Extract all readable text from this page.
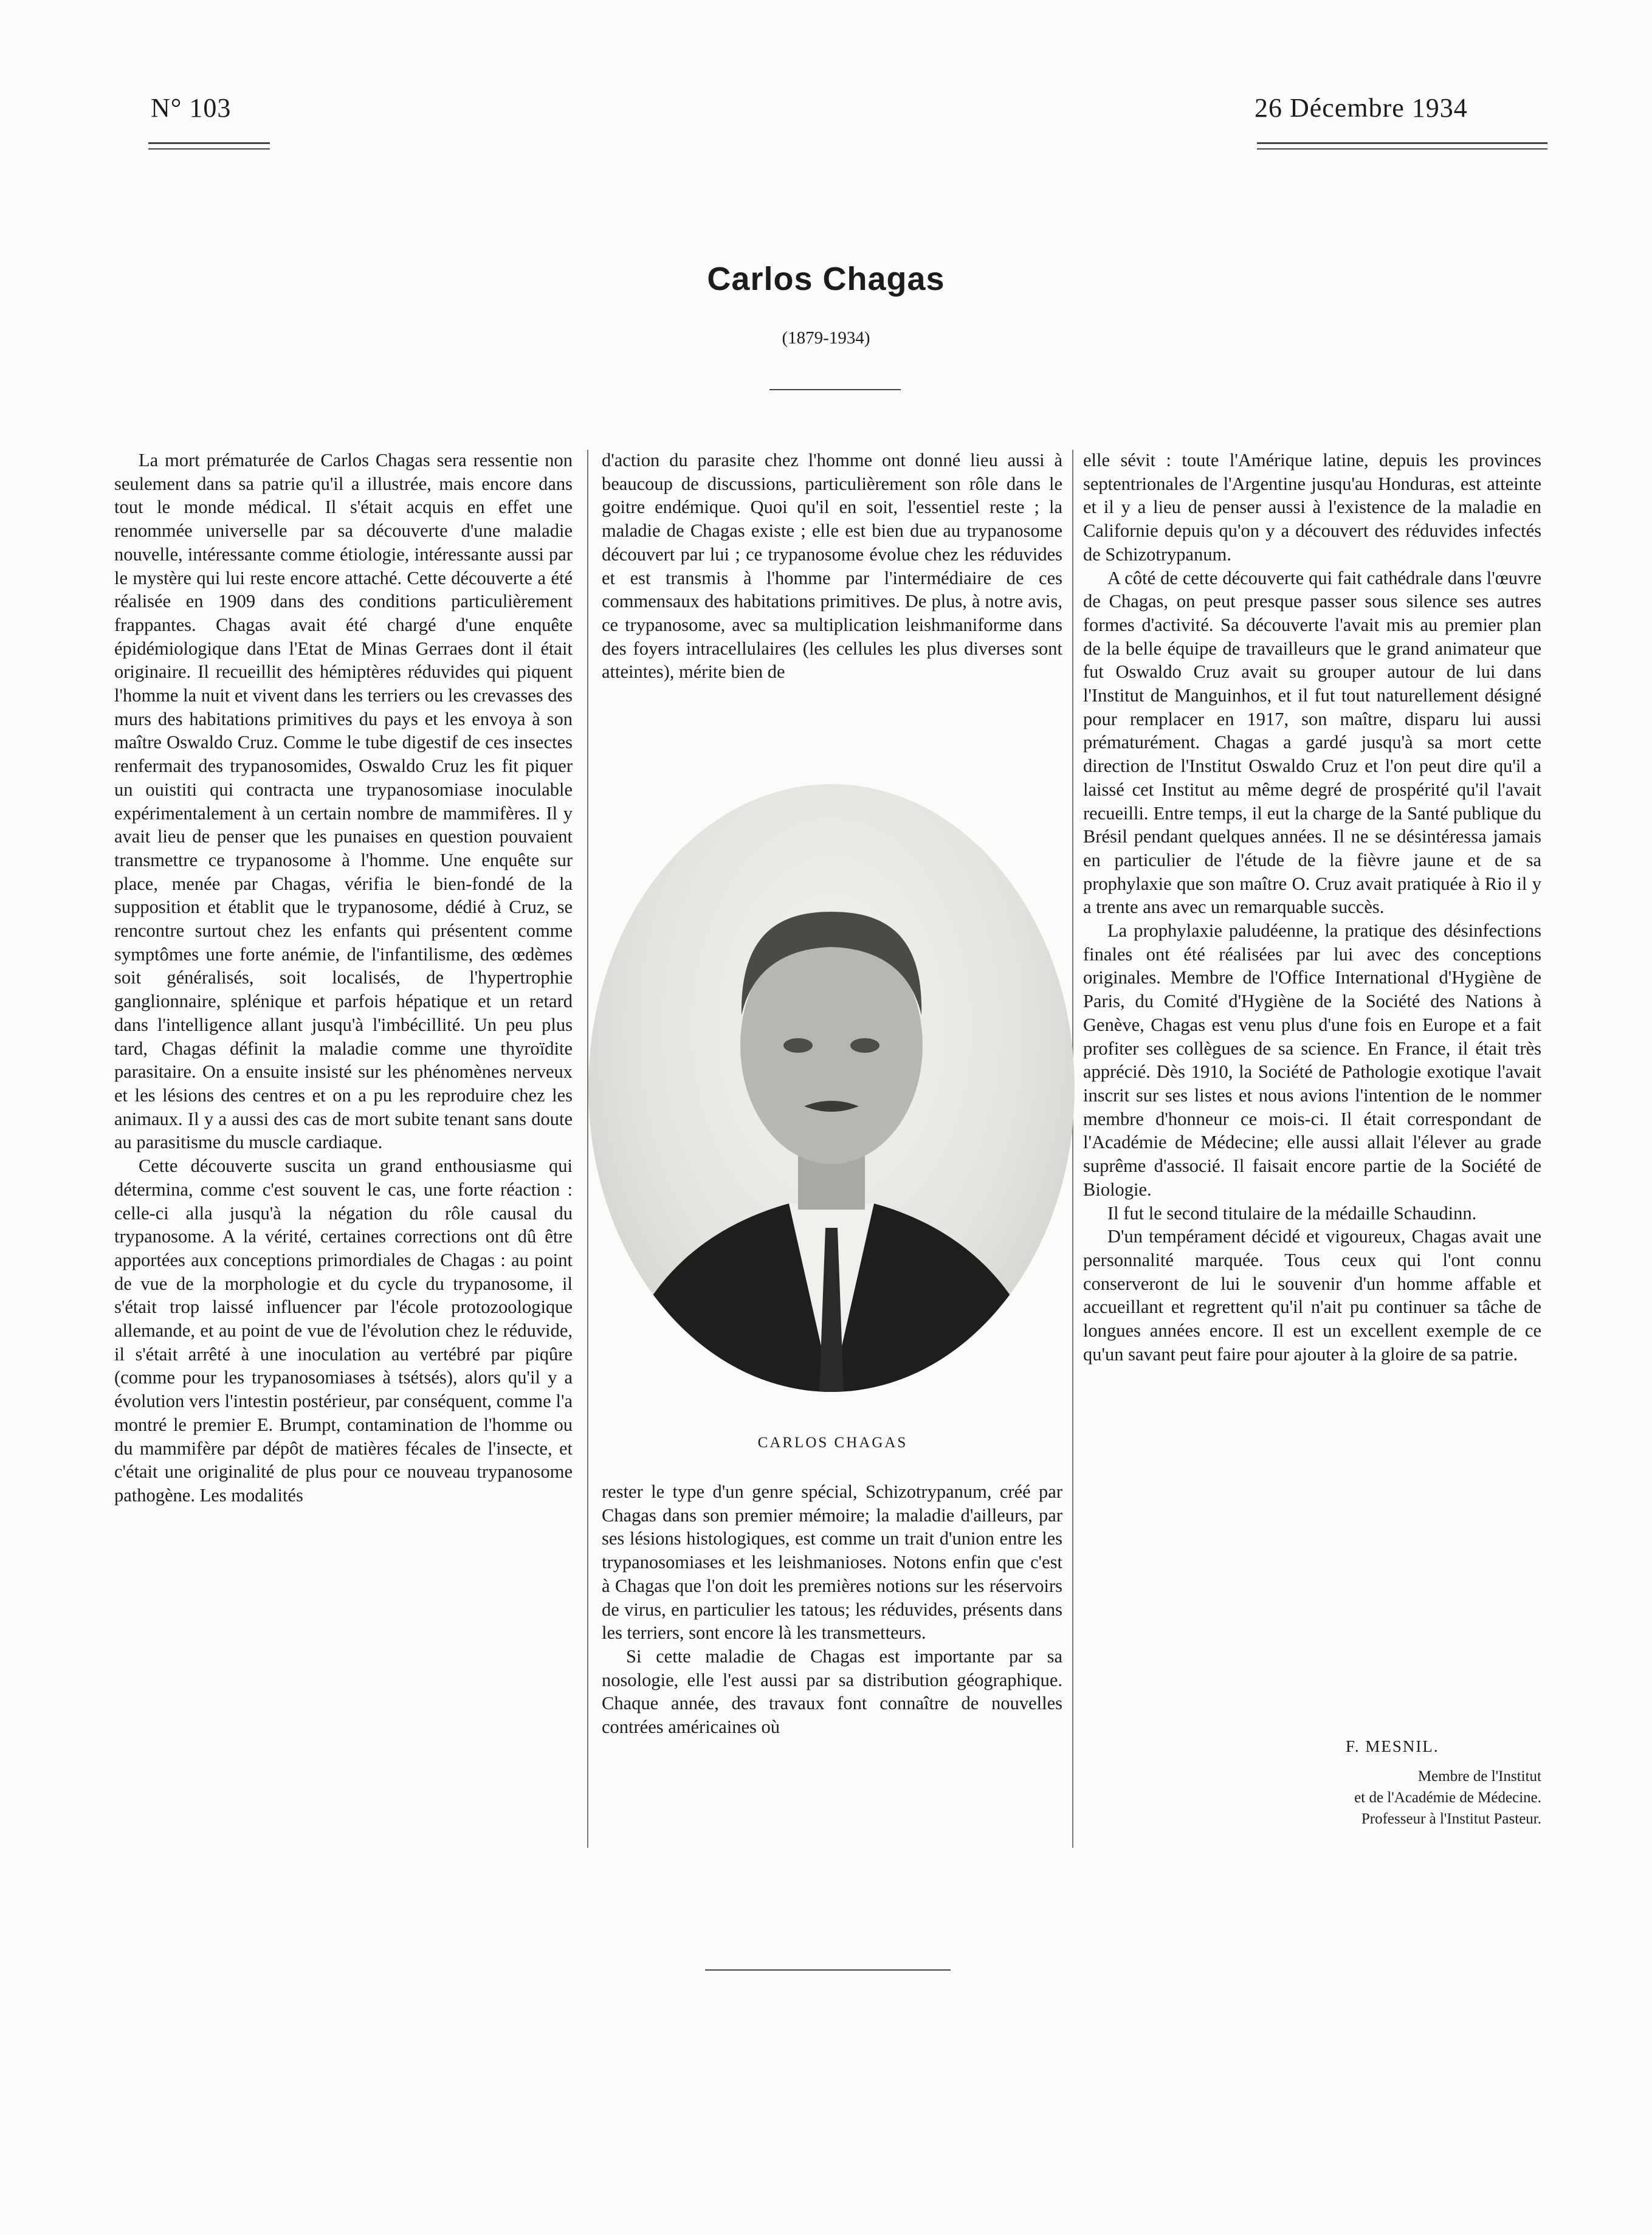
N° 103	26 Décembre 1934
Carlos Chagas
(1879-1934)

La mort prématurée de Carlos Chagas sera ressentie non seulement dans sa patrie qu'il a illustrée, mais encore dans tout le monde médical. Il s'était acquis en effet une renommée universelle par sa découverte d'une maladie nouvelle, intéressante comme étiologie, intéressante aussi par le mystère qui lui reste encore attaché. Cette découverte a été réalisée en 1909 dans des conditions particulièrement frappantes. Chagas avait été chargé d'une enquête épidémiologique dans l'Etat de Minas Gerraes dont il était originaire. Il recueillit des hémiptères réduvides qui piquent l'homme la nuit et vivent dans les terriers ou les crevasses des murs des habitations primitives du pays et les envoya à son maître Oswaldo Cruz. Comme le tube digestif de ces insectes renfermait des trypanosomides, Oswaldo Cruz les fit piquer un ouistiti qui contracta une trypanosomiase inoculable expérimentalement à un certain nombre de mammifères. Il y avait lieu de penser que les punaises en question pouvaient transmettre ce trypanosome à l'homme. Une enquête sur place, menée par Chagas, vérifia le bien-fondé de la supposition et établit que le trypanosome, dédié à Cruz, se rencontre surtout chez les enfants qui présentent comme symptômes une forte anémie, de l'infantilisme, des œdèmes soit généralisés, soit localisés, de l'hypertrophie ganglionnaire, splénique et parfois hépatique et un retard dans l'intelligence allant jusqu'à l'imbécillité. Un peu plus tard, Chagas définit la maladie comme une thyroïdite parasitaire. On a ensuite insisté sur les phénomènes nerveux et les lésions des centres et on a pu les reproduire chez les animaux. Il y a aussi des cas de mort subite tenant sans doute au parasitisme du muscle cardiaque.

Cette découverte suscita un grand enthousiasme qui détermina, comme c'est souvent le cas, une forte réaction : celle-ci alla jusqu'à la négation du rôle causal du trypanosome. A la vérité, certaines corrections ont dû être apportées aux conceptions primordiales de Chagas : au point de vue de la morphologie et du cycle du trypanosome, il s'était trop laissé influencer par l'école protozoologique allemande, et au point de vue de l'évolution chez le réduvide, il s'était arrêté à une inoculation au vertébré par piqûre (comme pour les trypanosomiases à tsétsés), alors qu'il y a évolution vers l'intestin postérieur, par conséquent, comme l'a montré le premier E. Brumpt, contamination de l'homme ou du mammifère par dépôt de matières fécales de l'insecte, et c'était une originalité de plus pour ce nouveau trypanosome pathogène. Les modalités

d'action du parasite chez l'homme ont donné lieu aussi à beaucoup de discussions, particulièrement son rôle dans le goitre endémique. Quoi qu'il en soit, l'essentiel reste ; la maladie de Chagas existe ; elle est bien due au trypanosome découvert par lui ; ce trypanosome évolue chez les réduvides et est transmis à l'homme par l'intermédiaire de ces commensaux des habitations primitives. De plus, à notre avis, ce trypanosome, avec sa multiplication leishmaniforme dans des foyers intracellulaires (les cellules les plus diverses sont atteintes), mérite bien de

CARLOS CHAGAS

rester le type d'un genre spécial, Schizotrypanum, créé par Chagas dans son premier mémoire; la maladie d'ailleurs, par ses lésions histologiques, est comme un trait d'union entre les trypanosomiases et les leishmanioses. Notons enfin que c'est à Chagas que l'on doit les premières notions sur les réservoirs de virus, en particulier les tatous; les réduvides, présents dans les terriers, sont encore là les transmetteurs.

Si cette maladie de Chagas est importante par sa nosologie, elle l'est aussi par sa distribution géographique. Chaque année, des travaux font connaître de nouvelles contrées américaines où

elle sévit : toute l'Amérique latine, depuis les provinces septentrionales de l'Argentine jusqu'au Honduras, est atteinte et il y a lieu de penser aussi à l'existence de la maladie en Californie depuis qu'on y a découvert des réduvides infectés de Schizotrypanum.

A côté de cette découverte qui fait cathédrale dans l'œuvre de Chagas, on peut presque passer sous silence ses autres formes d'activité. Sa découverte l'avait mis au premier plan de la belle équipe de travailleurs que le grand animateur que fut Oswaldo Cruz avait su grouper autour de lui dans l'Institut de Manguinhos, et il fut tout naturellement désigné pour remplacer en 1917, son maître, disparu lui aussi prématurément. Chagas a gardé jusqu'à sa mort cette direction de l'Institut Oswaldo Cruz et l'on peut dire qu'il a laissé cet Institut au même degré de prospérité qu'il l'avait recueilli. Entre temps, il eut la charge de la Santé publique du Brésil pendant quelques années. Il ne se désintéressa jamais en particulier de l'étude de la fièvre jaune et de sa prophylaxie que son maître O. Cruz avait pratiquée à Rio il y a trente ans avec un remarquable succès.

La prophylaxie paludéenne, la pratique des désinfections finales ont été réalisées par lui avec des conceptions originales. Membre de l'Office International d'Hygiène de Paris, du Comité d'Hygiène de la Société des Nations à Genève, Chagas est venu plus d'une fois en Europe et a fait profiter ses collègues de sa science. En France, il était très apprécié. Dès 1910, la Société de Pathologie exotique l'avait inscrit sur ses listes et nous avions l'intention de le nommer membre d'honneur ce mois-ci. Il était correspondant de l'Académie de Médecine; elle aussi allait l'élever au grade suprême d'associé. Il faisait encore partie de la Société de Biologie.

Il fut le second titulaire de la médaille Schaudinn.

D'un tempérament décidé et vigoureux, Chagas avait une personnalité marquée. Tous ceux qui l'ont connu conserveront de lui le souvenir d'un homme affable et accueillant et regrettent qu'il n'ait pu continuer sa tâche de longues années encore. Il est un excellent exemple de ce qu'un savant peut faire pour ajouter à la gloire de sa patrie.

F. MESNIL.
Membre de l'Institut
et de l'Académie de Médecine.
Professeur à l'Institut Pasteur.
